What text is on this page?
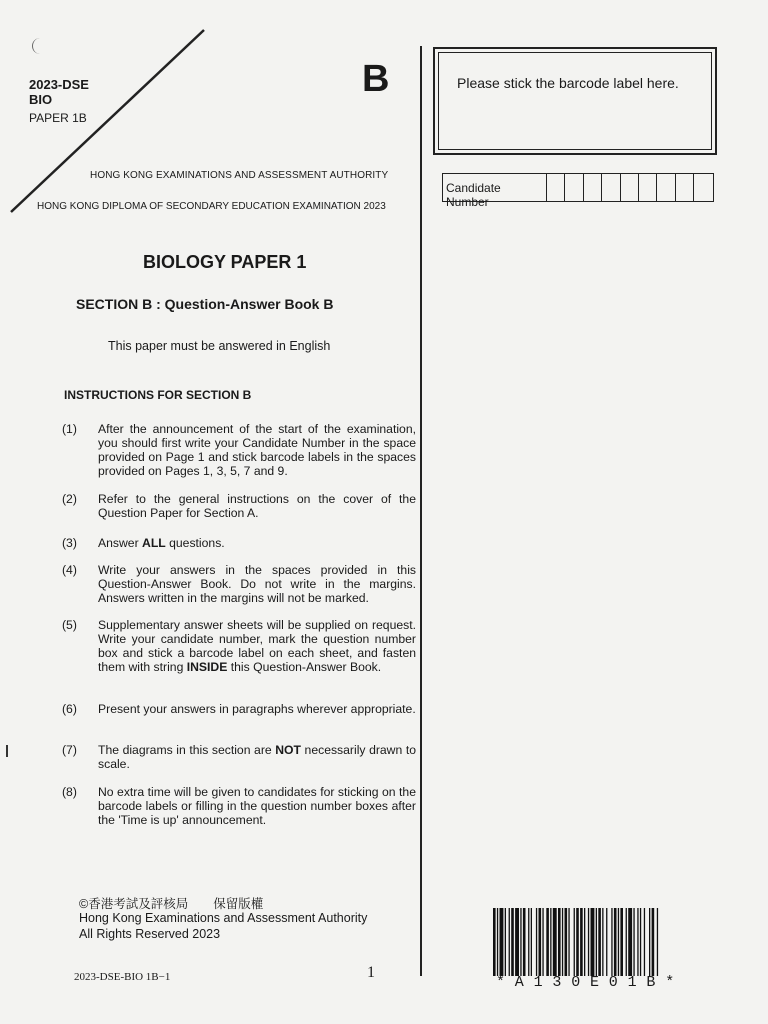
2023-DSE
BIO
PAPER 1B
B
HONG KONG EXAMINATIONS AND ASSESSMENT AUTHORITY
HONG KONG DIPLOMA OF SECONDARY EDUCATION EXAMINATION 2023
Please stick the barcode label here.
Candidate Number
BIOLOGY PAPER 1
SECTION B : Question-Answer Book B
This paper must be answered in English
INSTRUCTIONS FOR SECTION B
(1)	After the announcement of the start of the examination, you should first write your Candidate Number in the space provided on Page 1 and stick barcode labels in the spaces provided on Pages 1, 3, 5, 7 and 9.
(2)	Refer to the general instructions on the cover of the Question Paper for Section A.
(3)	Answer ALL questions.
(4)	Write your answers in the spaces provided in this Question-Answer Book. Do not write in the margins. Answers written in the margins will not be marked.
(5)	Supplementary answer sheets will be supplied on request. Write your candidate number, mark the question number box and stick a barcode label on each sheet, and fasten them with string INSIDE this Question-Answer Book.
(6)	Present your answers in paragraphs wherever appropriate.
(7)	The diagrams in this section are NOT necessarily drawn to scale.
(8)	No extra time will be given to candidates for sticking on the barcode labels or filling in the question number boxes after the 'Time is up' announcement.
©香港考試及評核局　　保留版權
Hong Kong Examinations and Assessment Authority
All Rights Reserved 2023
2023-DSE-BIO 1B−1	1
*A130E01B*
